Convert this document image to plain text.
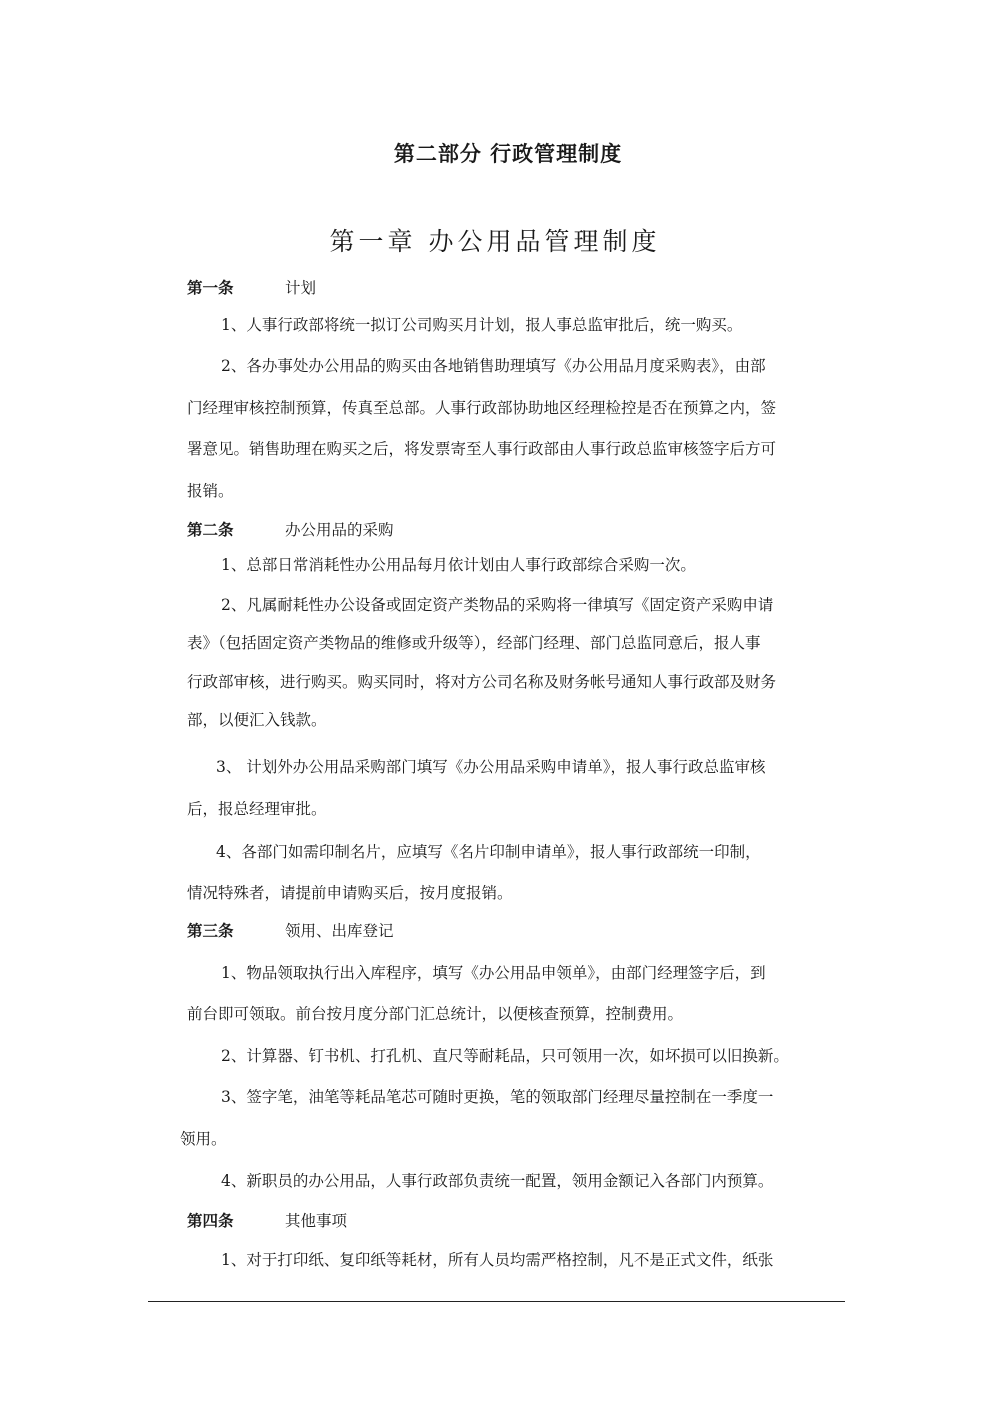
第二部分 行政管理制度
第一章 办公用品管理制度
第一条	计划
1、人事行政部将统一拟订公司购买月计划，报人事总监审批后，统一购买。
2、各办事处办公用品的购买由各地销售助理填写《办公用品月度采购表》，由部
门经理审核控制预算，传真至总部。人事行政部协助地区经理检控是否在预算之内，签
署意见。销售助理在购买之后，将发票寄至人事行政部由人事行政总监审核签字后方可
报销。
第二条	办公用品的采购
1、总部日常消耗性办公用品每月依计划由人事行政部综合采购一次。
2、凡属耐耗性办公设备或固定资产类物品的采购将一律填写《固定资产采购申请
表》（包括固定资产类物品的维修或升级等），经部门经理、部门总监同意后，报人事
行政部审核，进行购买。购买同时，将对方公司名称及财务帐号通知人事行政部及财务
部，以便汇入钱款。
3、 计划外办公用品采购部门填写《办公用品采购申请单》，报人事行政总监审核
后，报总经理审批。
4、各部门如需印制名片，应填写《名片印制申请单》，报人事行政部统一印制，
情况特殊者，请提前申请购买后，按月度报销。
第三条	领用、出库登记
1、物品领取执行出入库程序，填写《办公用品申领单》，由部门经理签字后，到
前台即可领取。前台按月度分部门汇总统计，以便核查预算，控制费用。
2、计算器、钉书机、打孔机、直尺等耐耗品，只可领用一次，如坏损可以旧换新。
3、签字笔，油笔等耗品笔芯可随时更换，笔的领取部门经理尽量控制在一季度一
领用。
4、新职员的办公用品，人事行政部负责统一配置，领用金额记入各部门内预算。
第四条	其他事项
1、对于打印纸、复印纸等耗材，所有人员均需严格控制，凡不是正式文件，纸张
